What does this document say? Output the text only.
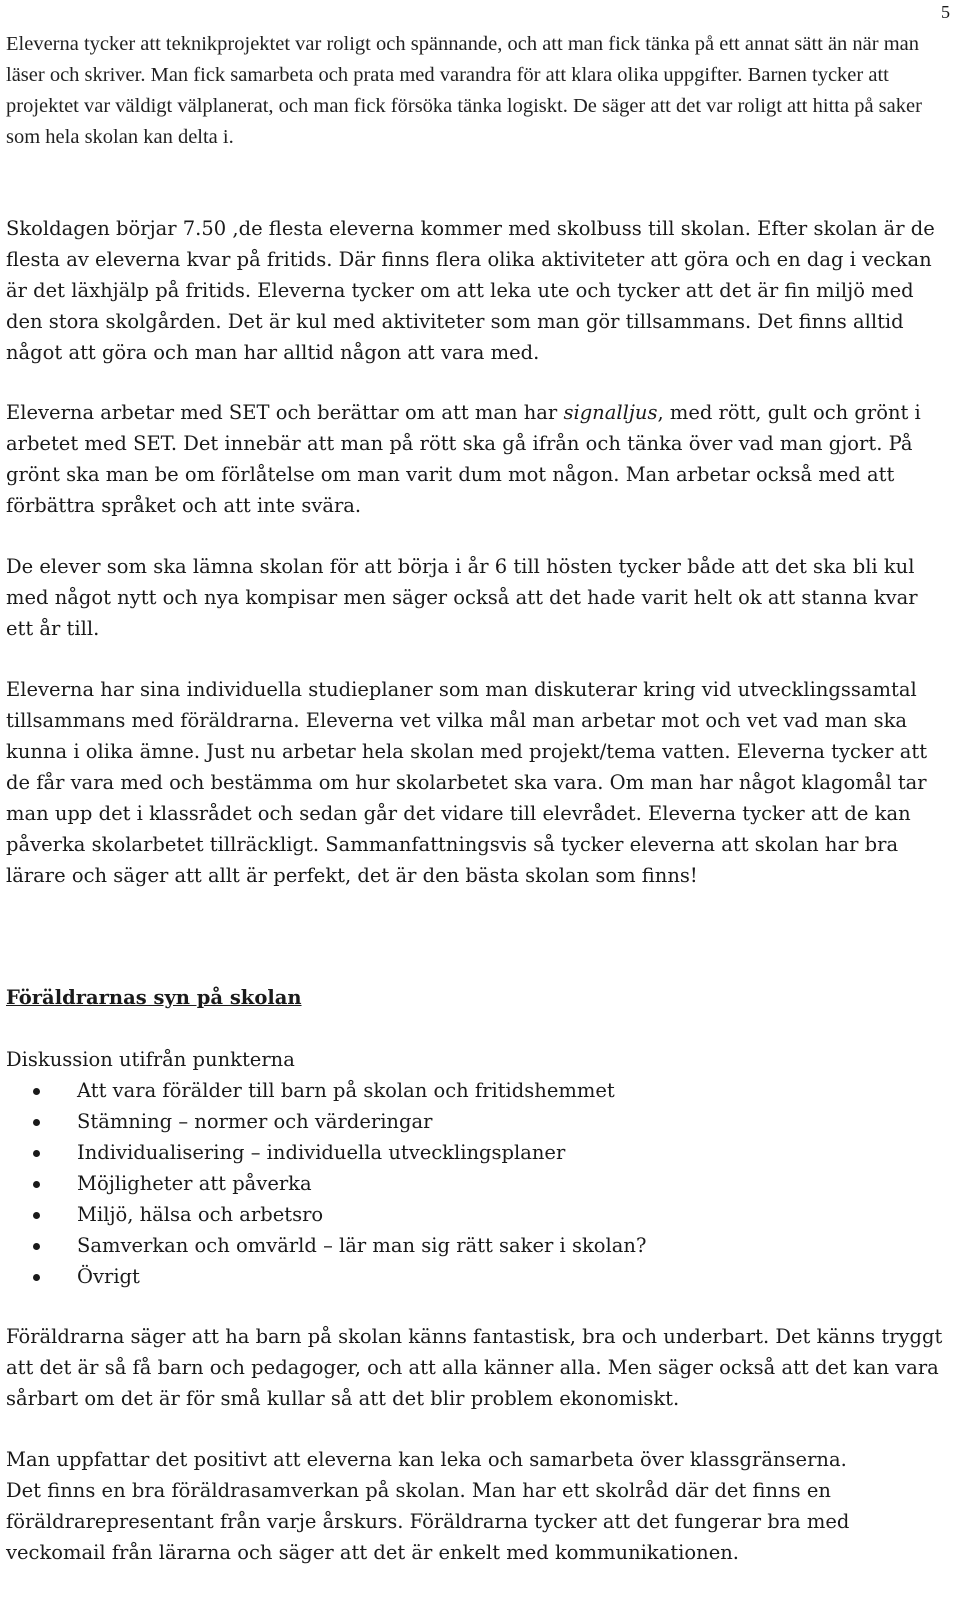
5

Eleverna tycker att teknikprojektet var roligt och spännande, och att man fick tänka på ett annat sätt än när man läser och skriver. Man fick samarbeta och prata med varandra för att klara olika uppgifter. Barnen tycker att projektet var väldigt välplanerat, och man fick försöka tänka logiskt. De säger att det var roligt att hitta på saker som hela skolan kan delta i.

Skoldagen börjar 7.50 ,de flesta eleverna kommer med skolbuss till skolan. Efter skolan är de flesta av eleverna kvar på fritids. Där finns flera olika aktiviteter att göra och en dag i veckan är det läxhjälp på fritids. Eleverna tycker om att leka ute och tycker att det är fin miljö med den stora skolgården. Det är kul med aktiviteter som man gör tillsammans. Det finns alltid något att göra och man har alltid någon att vara med.

Eleverna arbetar med SET och berättar om att man har signalljus, med rött, gult och grönt i arbetet med SET. Det innebär att man på rött ska gå ifrån och tänka över vad man gjort. På grönt ska man be om förlåtelse om man varit dum mot någon. Man arbetar också med att förbättra språket och att inte svära.

De elever som ska lämna skolan för att börja i år 6 till hösten tycker både att det ska bli kul med något nytt och nya kompisar men säger också att det hade varit helt ok att stanna kvar ett år till.

Eleverna har sina individuella studieplaner som man diskuterar kring vid utvecklingssamtal tillsammans med föräldrarna. Eleverna vet vilka mål man arbetar mot och vet vad man ska kunna i olika ämne. Just nu arbetar hela skolan med projekt/tema vatten. Eleverna tycker att de får vara med och bestämma om hur skolarbetet ska vara. Om man har något klagomål tar man upp det i klassrådet och sedan går det vidare till elevrådet. Eleverna tycker att de kan påverka skolarbetet tillräckligt. Sammanfattningsvis så tycker eleverna att skolan har bra lärare och säger att allt är perfekt, det är den bästa skolan som finns!

Föräldrarnas syn på skolan

Diskussion utifrån punkterna

Att vara förälder till barn på skolan och fritidshemmet
Stämning – normer och värderingar
Individualisering – individuella utvecklingsplaner
Möjligheter att påverka
Miljö, hälsa och arbetsro
Samverkan och omvärld – lär man sig rätt saker i skolan?
Övrigt

Föräldrarna säger att ha barn på skolan känns fantastisk, bra och underbart. Det känns tryggt att det är så få barn och pedagoger, och att alla känner alla. Men säger också att det kan vara sårbart om det är för små kullar så att det blir problem ekonomiskt.

Man uppfattar det positivt att eleverna kan leka och samarbeta över klassgränserna.

Det finns en bra föräldrasamverkan på skolan. Man har ett skolråd där det finns en föräldrarepresentant från varje årskurs. Föräldrarna tycker att det fungerar bra med veckomail från lärarna och säger att det är enkelt med kommunikationen.
